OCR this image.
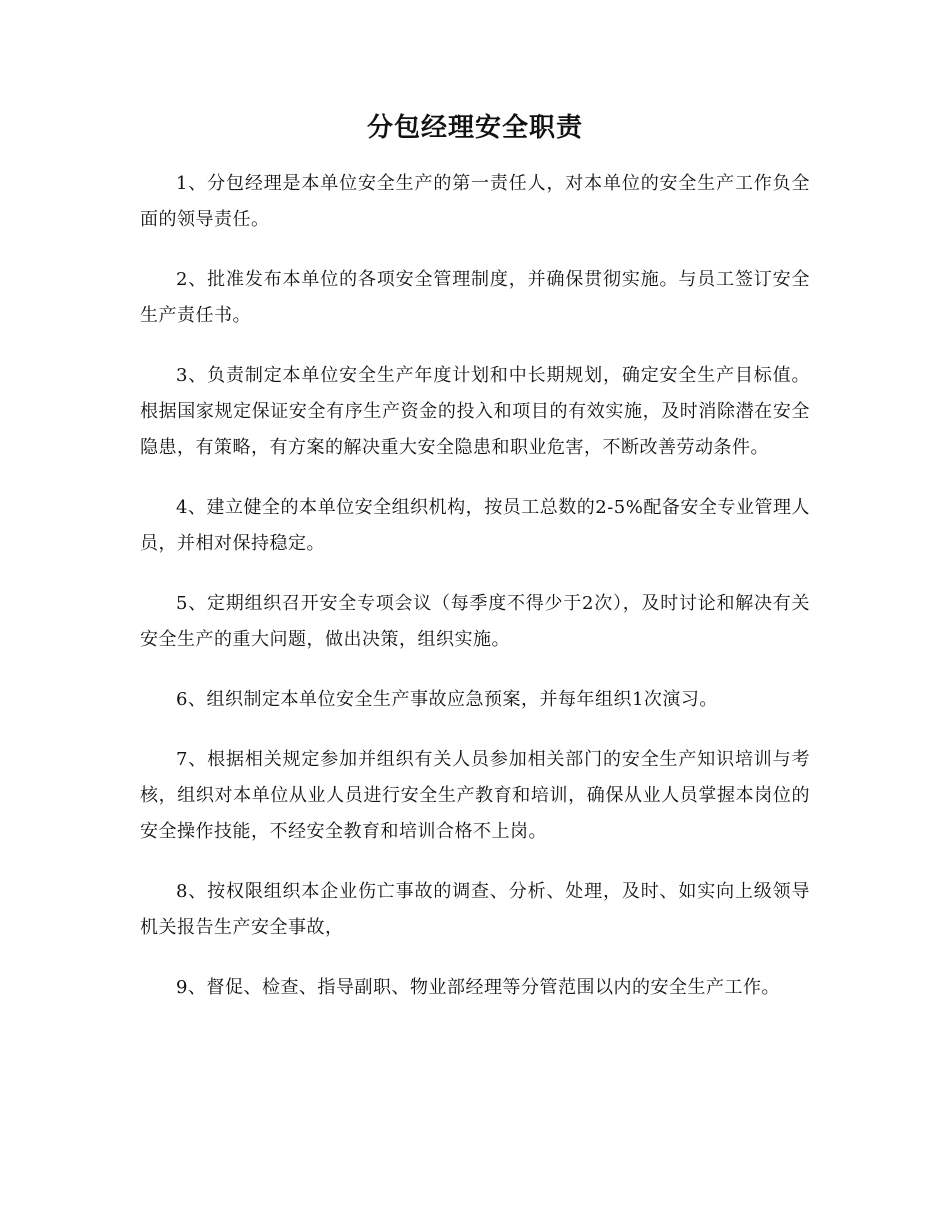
分包经理安全职责

1、分包经理是本单位安全生产的第一责任人，对本单位的安全生产工作负全面的领导责任。

2、批准发布本单位的各项安全管理制度，并确保贯彻实施。与员工签订安全生产责任书。

3、负责制定本单位安全生产年度计划和中长期规划，确定安全生产目标值。根据国家规定保证安全有序生产资金的投入和项目的有效实施，及时消除潜在安全隐患，有策略，有方案的解决重大安全隐患和职业危害，不断改善劳动条件。

4、建立健全的本单位安全组织机构，按员工总数的2-5%配备安全专业管理人员，并相对保持稳定。

5、定期组织召开安全专项会议（每季度不得少于2次），及时讨论和解决有关安全生产的重大问题，做出决策，组织实施。

6、组织制定本单位安全生产事故应急预案，并每年组织1次演习。

7、根据相关规定参加并组织有关人员参加相关部门的安全生产知识培训与考核，组织对本单位从业人员进行安全生产教育和培训，确保从业人员掌握本岗位的安全操作技能，不经安全教育和培训合格不上岗。

8、按权限组织本企业伤亡事故的调查、分析、处理，及时、如实向上级领导机关报告生产安全事故，

9、督促、检查、指导副职、物业部经理等分管范围以内的安全生产工作。
